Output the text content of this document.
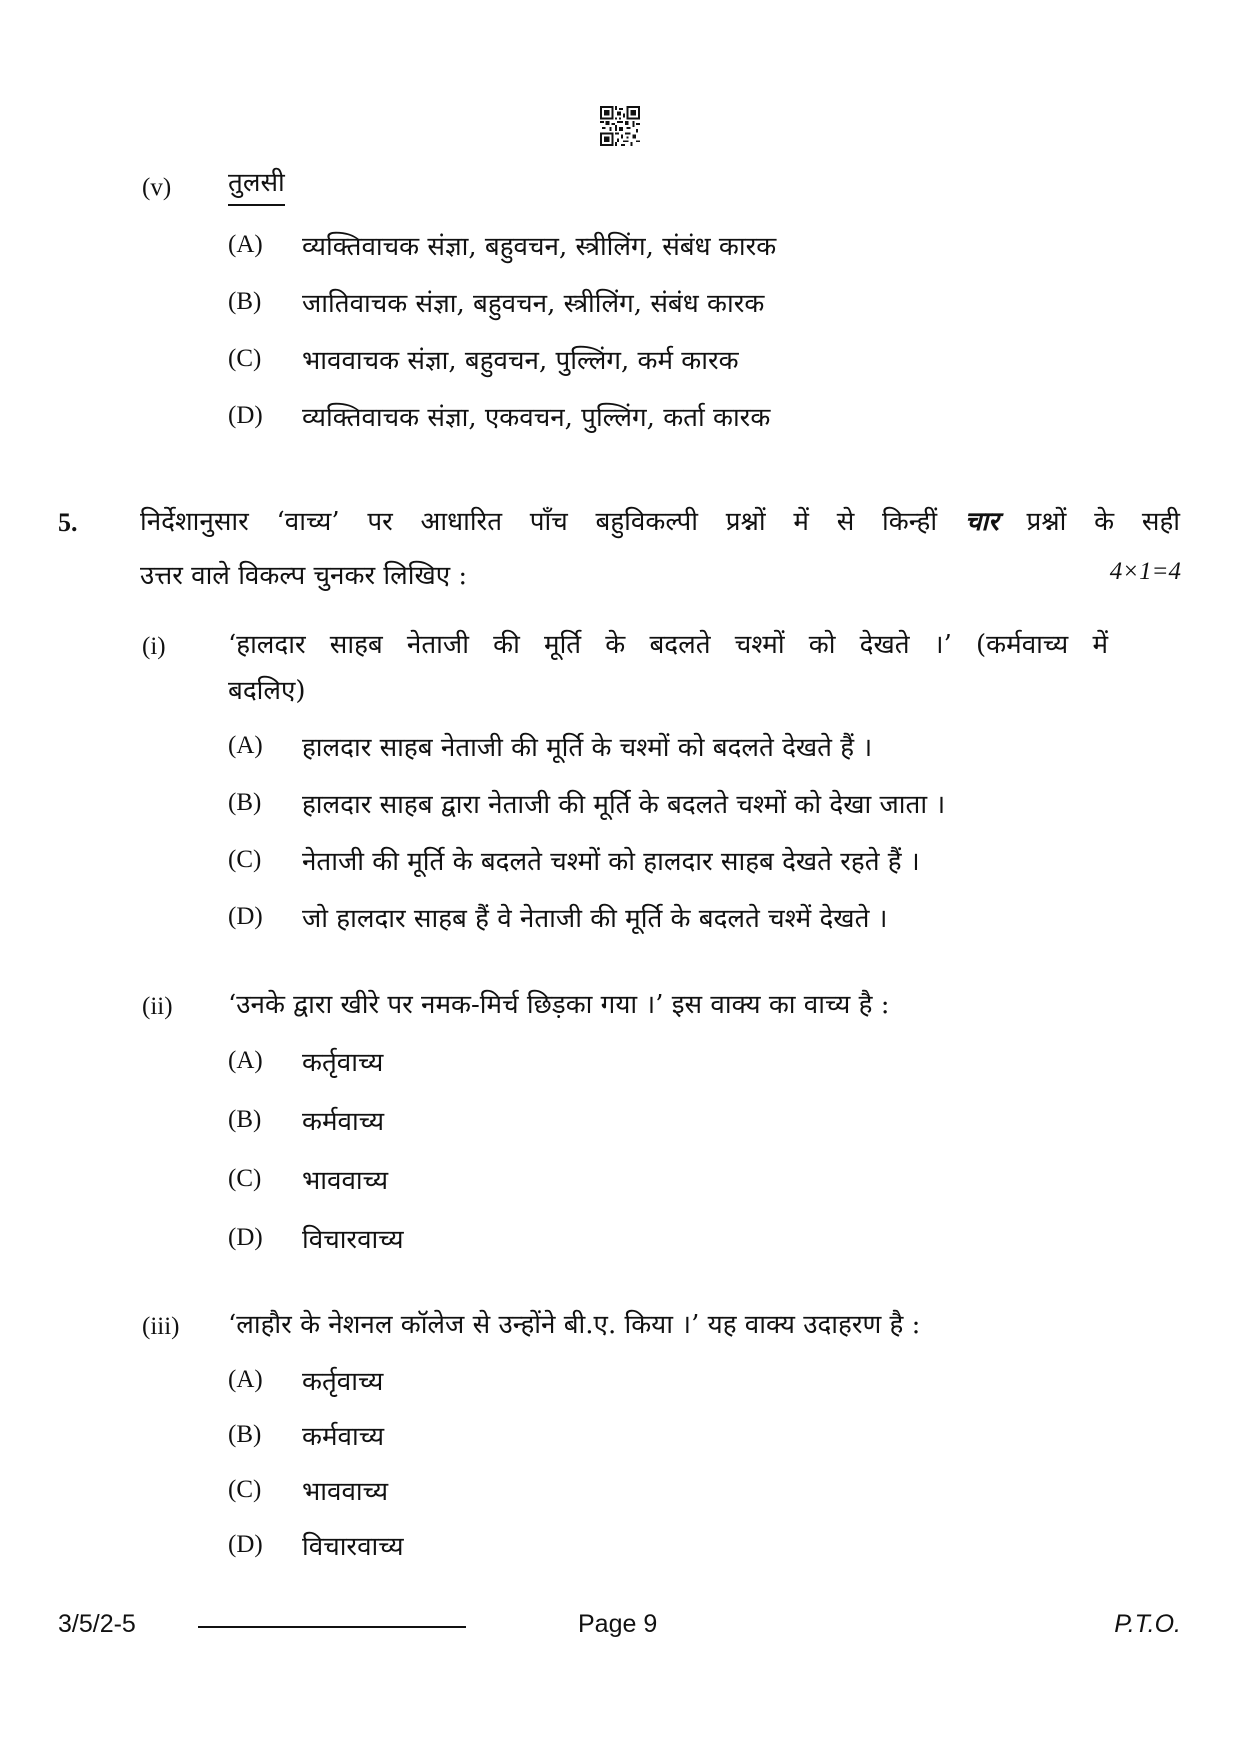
(v) तुलसी
(A)	व्यक्तिवाचक संज्ञा, बहुवचन, स्त्रीलिंग, संबंध कारक
(B)	जातिवाचक संज्ञा, बहुवचन, स्त्रीलिंग, संबंध कारक
(C)	भाववाचक संज्ञा, बहुवचन, पुल्लिंग, कर्म कारक
(D)	व्यक्तिवाचक संज्ञा, एकवचन, पुल्लिंग, कर्ता कारक
5. निर्देशानुसार ‘वाच्य’ पर आधारित पाँच बहुविकल्पी प्रश्नों में से किन्हीं चार प्रश्नों के सही
उत्तर वाले विकल्प चुनकर लिखिए :	4×1=4
(i) ‘हालदार साहब नेताजी की मूर्ति के बदलते चश्मों को देखते ।’ (कर्मवाच्य में
बदलिए)
(A)	हालदार साहब नेताजी की मूर्ति के चश्मों को बदलते देखते हैं ।
(B)	हालदार साहब द्वारा नेताजी की मूर्ति के बदलते चश्मों को देखा जाता ।
(C)	नेताजी की मूर्ति के बदलते चश्मों को हालदार साहब देखते रहते हैं ।
(D)	जो हालदार साहब हैं वे नेताजी की मूर्ति के बदलते चश्में देखते ।
(ii) ‘उनके द्वारा खीरे पर नमक-मिर्च छिड़का गया ।’ इस वाक्य का वाच्य है :
(A)	कर्तृवाच्य
(B)	कर्मवाच्य
(C)	भाववाच्य
(D)	विचारवाच्य
(iii) ‘लाहौर के नेशनल कॉलेज से उन्होंने बी.ए. किया ।’ यह वाक्य उदाहरण है :
(A)	कर्तृवाच्य
(B)	कर्मवाच्य
(C)	भाववाच्य
(D)	विचारवाच्य
3/5/2-5	Page 9	P.T.O.
